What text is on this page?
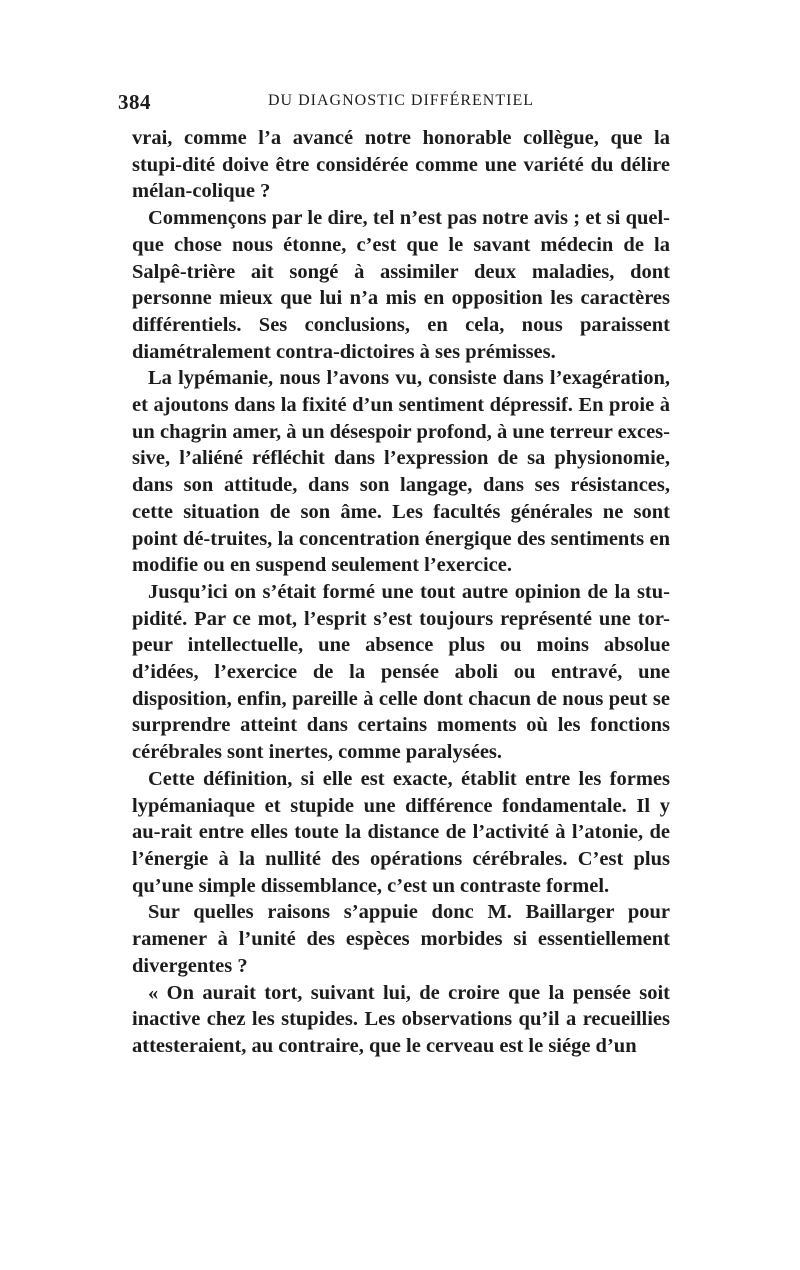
384	DU DIAGNOSTIC DIFFÉRENTIEL

vrai, comme l’a avancé notre honorable collègue, que la stupi-dité doive être considérée comme une variété du délire mélan-colique ?

Commençons par le dire, tel n’est pas notre avis ; et si quel-que chose nous étonne, c’est que le savant médecin de la Salpê-trière ait songé à assimiler deux maladies, dont personne mieux que lui n’a mis en opposition les caractères différentiels. Ses conclusions, en cela, nous paraissent diamétralement contra-dictoires à ses prémisses.

La lypémanie, nous l’avons vu, consiste dans l’exagération, et ajoutons dans la fixité d’un sentiment dépressif. En proie à un chagrin amer, à un désespoir profond, à une terreur exces-sive, l’aliéné réfléchit dans l’expression de sa physionomie, dans son attitude, dans son langage, dans ses résistances, cette situation de son âme. Les facultés générales ne sont point dé-truites, la concentration énergique des sentiments en modifie ou en suspend seulement l’exercice.

Jusqu’ici on s’était formé une tout autre opinion de la stu-pidité. Par ce mot, l’esprit s’est toujours représenté une tor-peur intellectuelle, une absence plus ou moins absolue d’idées, l’exercice de la pensée aboli ou entravé, une disposition, enfin, pareille à celle dont chacun de nous peut se surprendre atteint dans certains moments où les fonctions cérébrales sont inertes, comme paralysées.

Cette définition, si elle est exacte, établit entre les formes lypémaniaque et stupide une différence fondamentale. Il y au-rait entre elles toute la distance de l’activité à l’atonie, de l’énergie à la nullité des opérations cérébrales. C’est plus qu’une simple dissemblance, c’est un contraste formel.

Sur quelles raisons s’appuie donc M. Baillarger pour ramener à l’unité des espèces morbides si essentiellement divergentes ?

« On aurait tort, suivant lui, de croire que la pensée soit inactive chez les stupides. Les observations qu’il a recueillies attesteraient, au contraire, que le cerveau est le siége d’un
